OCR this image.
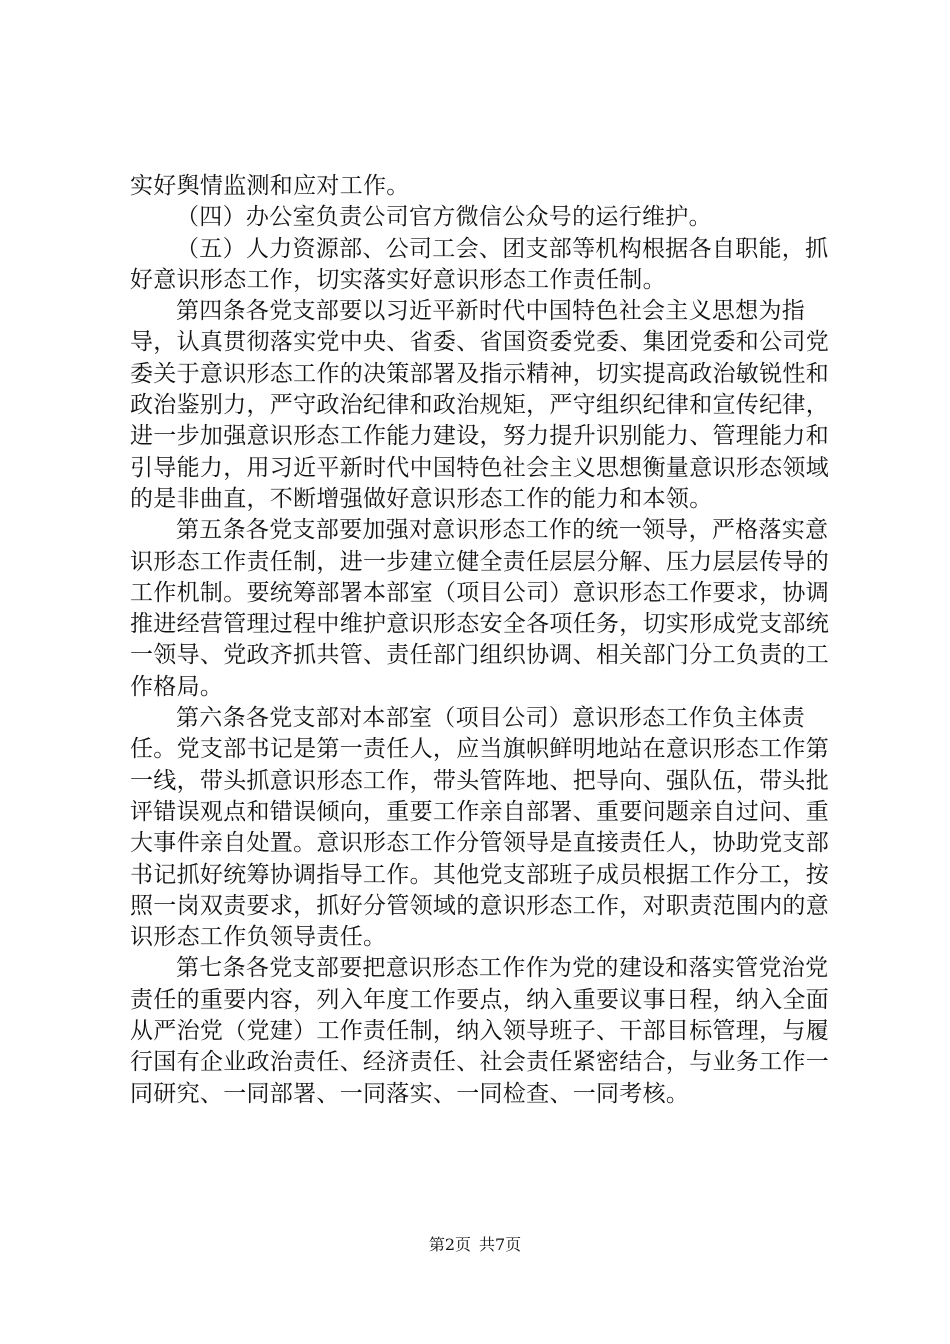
实好舆情监测和应对工作。

（四）办公室负责公司官方微信公众号的运行维护。

（五）人力资源部、公司工会、团支部等机构根据各自职能，抓好意识形态工作，切实落实好意识形态工作责任制。

第四条各党支部要以习近平新时代中国特色社会主义思想为指导，认真贯彻落实党中央、省委、省国资委党委、集团党委和公司党委关于意识形态工作的决策部署及指示精神，切实提高政治敏锐性和政治鉴别力，严守政治纪律和政治规矩，严守组织纪律和宣传纪律，进一步加强意识形态工作能力建设，努力提升识别能力、管理能力和引导能力，用习近平新时代中国特色社会主义思想衡量意识形态领域的是非曲直，不断增强做好意识形态工作的能力和本领。

第五条各党支部要加强对意识形态工作的统一领导，严格落实意识形态工作责任制，进一步建立健全责任层层分解、压力层层传导的工作机制。要统筹部署本部室（项目公司）意识形态工作要求，协调推进经营管理过程中维护意识形态安全各项任务，切实形成党支部统一领导、党政齐抓共管、责任部门组织协调、相关部门分工负责的工作格局。

第六条各党支部对本部室（项目公司）意识形态工作负主体责任。党支部书记是第一责任人，应当旗帜鲜明地站在意识形态工作第一线，带头抓意识形态工作，带头管阵地、把导向、强队伍，带头批评错误观点和错误倾向，重要工作亲自部署、重要问题亲自过问、重大事件亲自处置。意识形态工作分管领导是直接责任人，协助党支部书记抓好统筹协调指导工作。其他党支部班子成员根据工作分工，按照一岗双责要求，抓好分管领域的意识形态工作，对职责范围内的意识形态工作负领导责任。

第七条各党支部要把意识形态工作作为党的建设和落实管党治党责任的重要内容，列入年度工作要点，纳入重要议事日程，纳入全面从严治党（党建）工作责任制，纳入领导班子、干部目标管理，与履行国有企业政治责任、经济责任、社会责任紧密结合，与业务工作一同研究、一同部署、一同落实、一同检查、一同考核。

第2页 共7页
